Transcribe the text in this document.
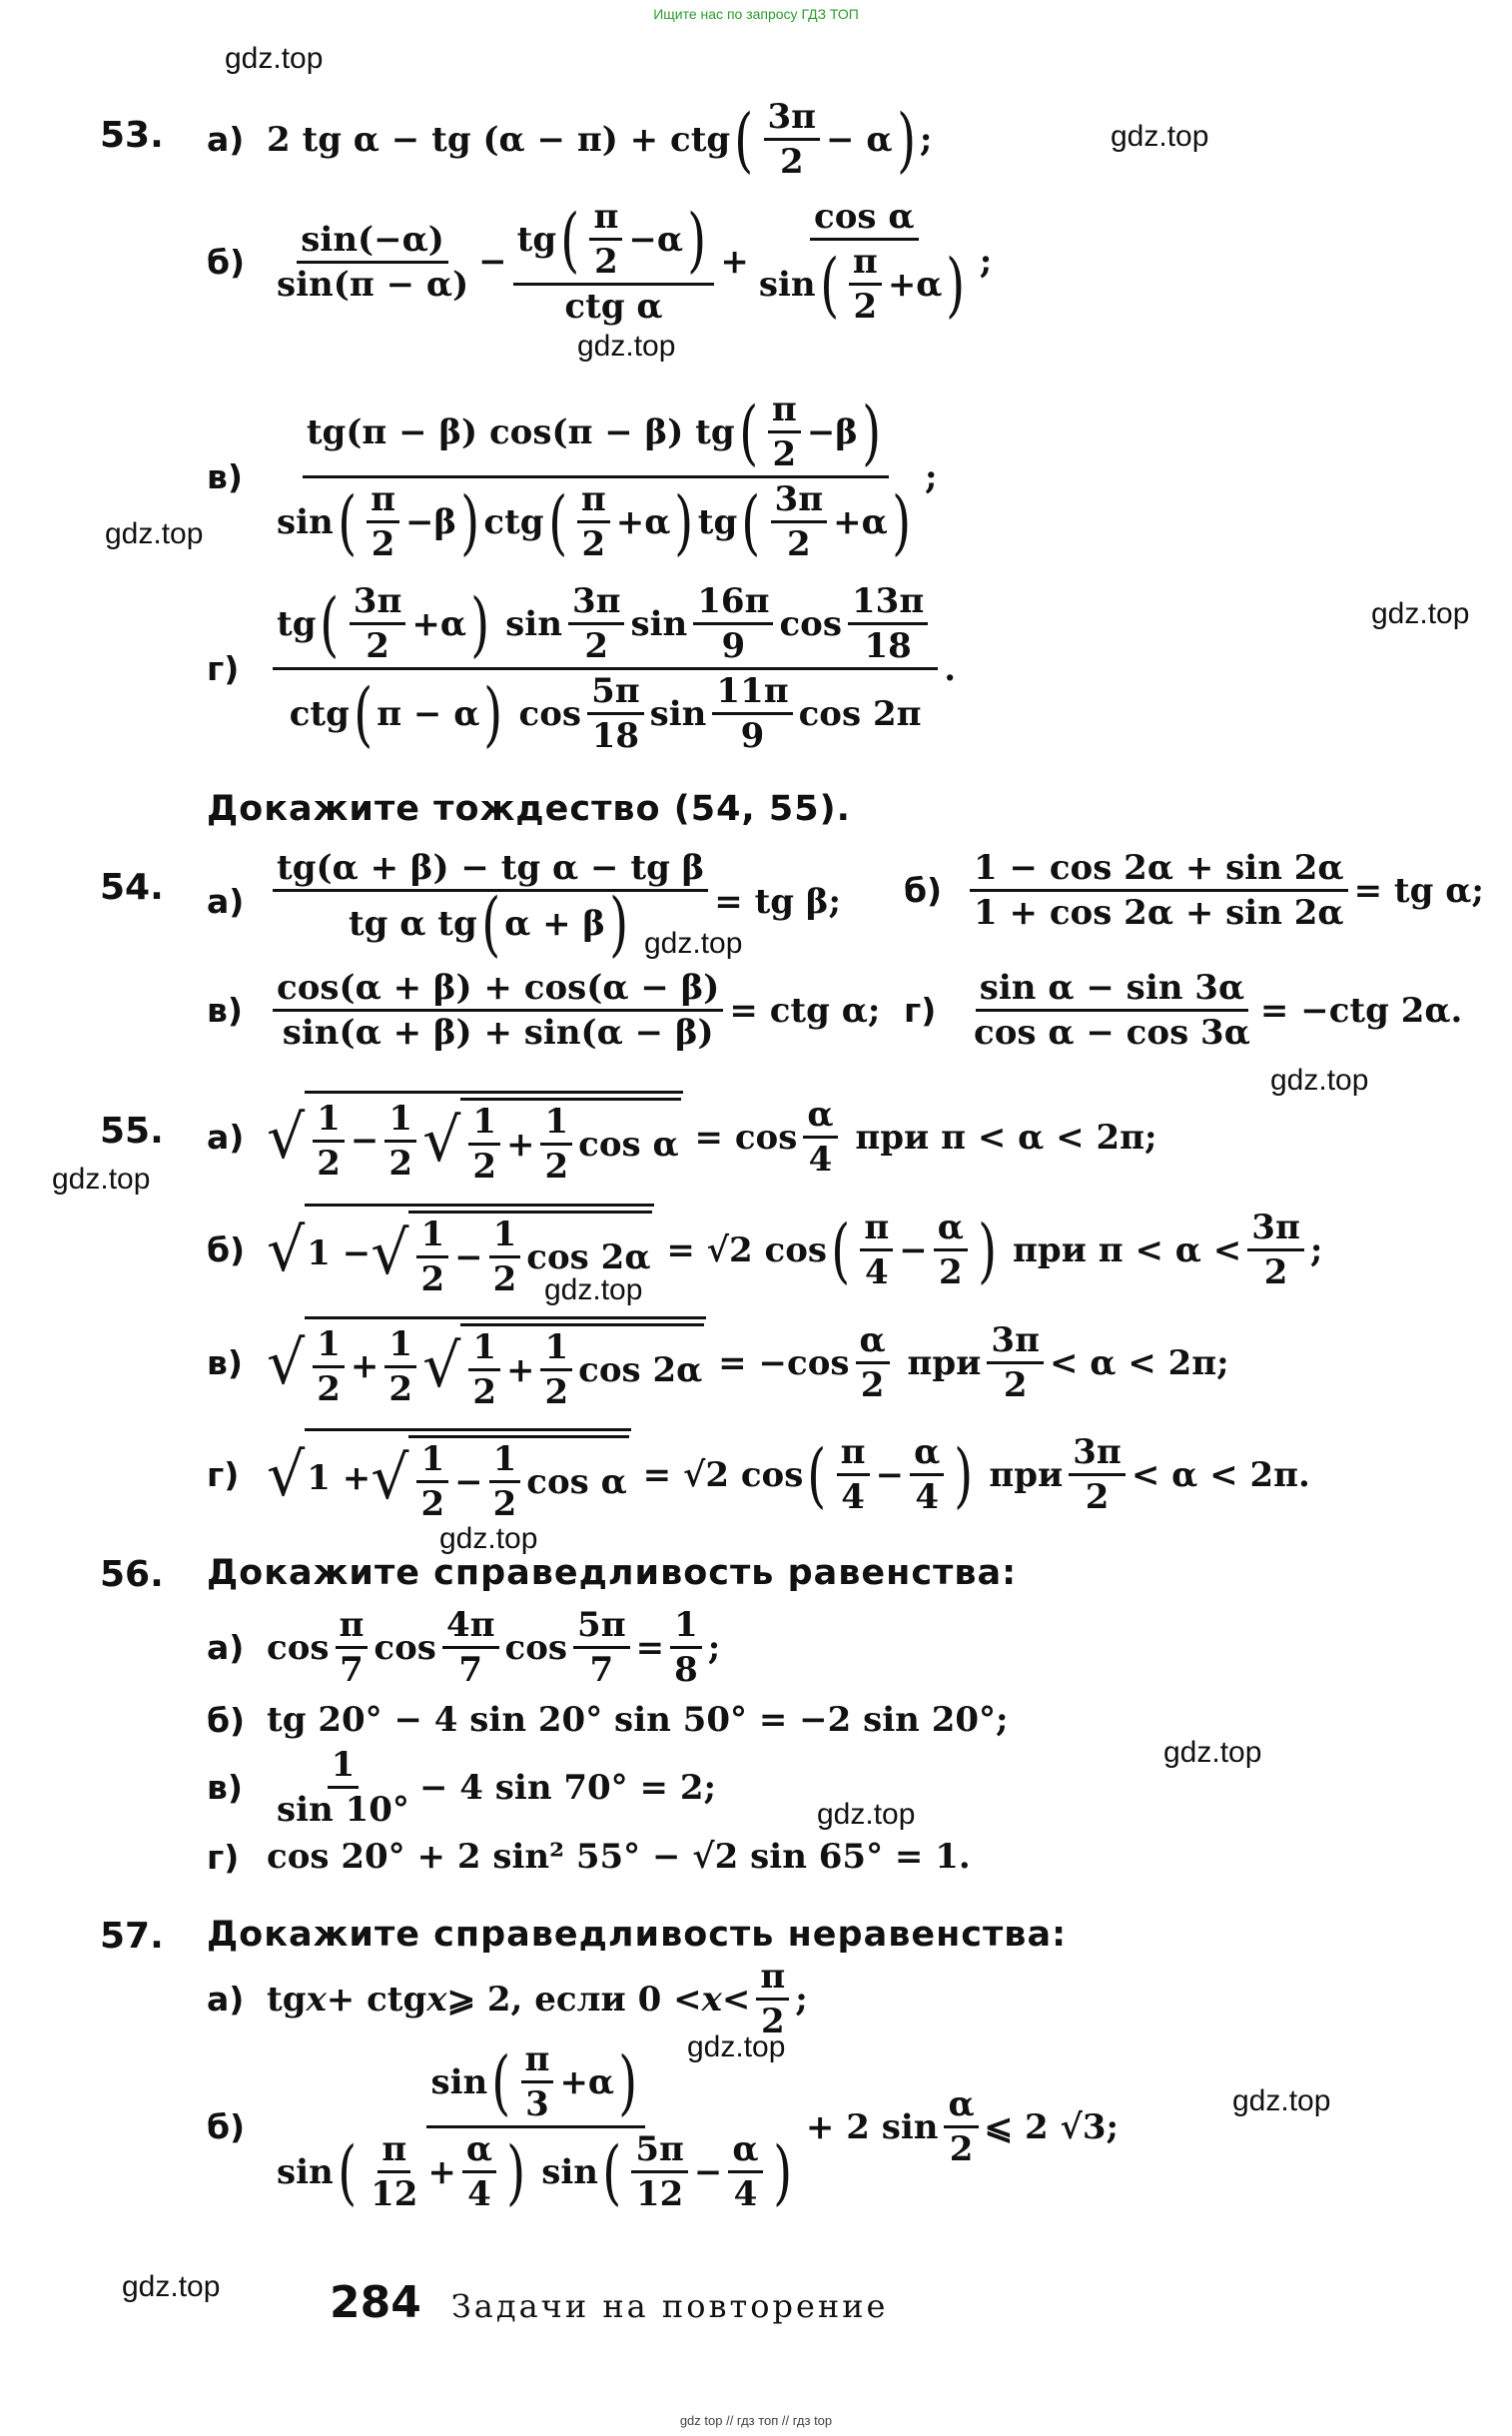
Ищите нас по запросу ГДЗ ТОП
gdz.top
gdz.top
gdz.top
gdz.top
gdz.top
gdz.top
gdz.top
gdz.top
gdz.top
gdz.top
gdz.top
gdz.top
gdz.top
gdz.top
gdz.top
53. а) 2 tg α − tg (α − π) + ctg ( 3π
2
− α ) ;
б)
sin(−α)
sin(π − α)
−
tg ( π
2
−α )
ctg α
+
cos α
sin ( π
2
+α ) ;
в)
tg(π − β) cos(π − β) tg ( π
2
−β )
sin ( π
2
−β ) ctg ( π
2
+α ) tg ( 3π
2
+α )
;
г)
tg ( 3π
2
+α ) sin
3π
2
sin
16π
9
cos
13π
18
ctg ( π − α ) cos
5π
18
sin
11π
9
cos 2π
.
Докажите тождество (54, 55).
54. а)
tg(α + β) − tg α − tg β
tg α tg ( α + β )	= tg β; б)
1 − cos 2α + sin 2α
1 + cos 2α + sin 2α
= tg α;
в)
cos(α + β) + cos(α − β)
sin(α + β) + sin(α − β)
= ctg α; г)
sin α − sin 3α
cos α − cos 3α
= −ctg 2α.
55. а) √ 1
2
−
1
2 √ 1
2
+
1
2
cos α = cos
α
4
при π < α < 2π;
б) √ 1 − √ 1
2
−
1
2
cos 2α = √2 cos ( π
4
−
α
2 ) при π < α <
3π
2
;
в) √ 1
2
+
1
2 √ 1
2
+
1
2
cos 2α = −cos
α
2
при
3π
2
< α < 2π;
г) √ 1 + √ 1
2
−
1
2
cos α = √2 cos ( π
4
−
α
4 ) при
3π
2
< α < 2π.
56. Докажите справедливость равенства:
а) cos
π
7
cos
4π
7
cos
5π
7
=
1
8
;
б) tg 20° − 4 sin 20° sin 50° = −2 sin 20°;
в)
1
sin 10°
− 4 sin 70° = 2;
г) cos 20° + 2 sin² 55° − √2 sin 65° = 1.
57. Докажите справедливость неравенства:
а) tg x + ctg x ⩾ 2, если 0 < x <
π
2
;
б)
sin ( π
3
+α )
sin ( π
12
+
α
4 ) sin ( 5π
12
−
α
4 )
+ 2 sin
α
2
⩽ 2 √3;
284 Задачи на повторение
gdz top // гдз топ // гдз top
